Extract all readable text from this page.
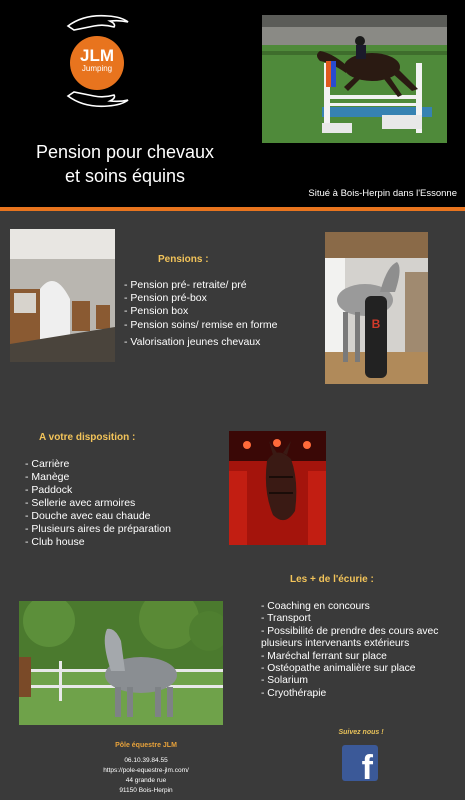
JLM
Jumping
Pension pour chevaux
et soins équins
Situé à Bois-Herpin dans l'Essonne
Pensions :
- Pension pré- retraite/ pré
- Pension pré-box
- Pension box
- Pension soins/ remise en forme
- Valorisation jeunes chevaux
B
A votre disposition :
- Carrière
- Manège
- Paddock
- Sellerie avec armoires
- Douche avec eau chaude
- Plusieurs aires de préparation
- Club house
Les + de l'écurie :
- Coaching en concours
- Transport
- Possibilité de prendre des cours avec
plusieurs intervenants extérieurs
- Maréchal ferrant sur place
- Ostéopathe animalière sur place
- Solarium
- Cryothérapie
Pôle équestre JLM
06.10.39.84.55
https://pole-equestre-jlm.com/
44 grande rue
91150 Bois-Herpin
Suivez nous !
f
